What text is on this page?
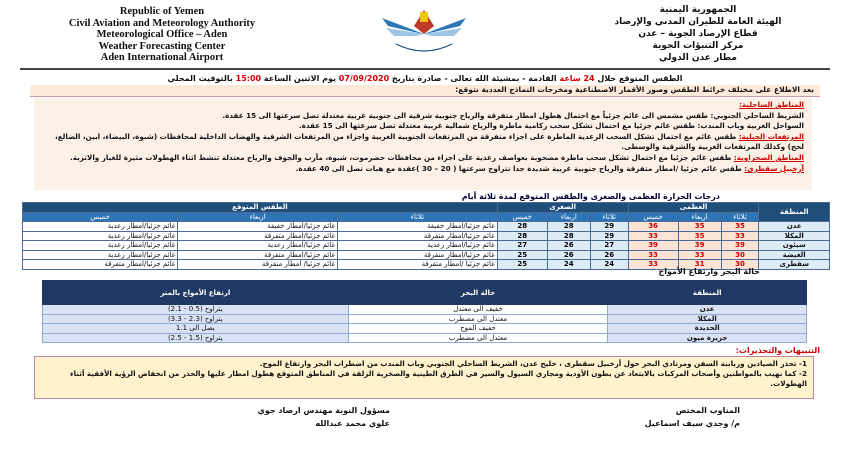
Republic of Yemen
Civil Aviation and Meteorology Authority
Meteorological Office – Aden
Weather Forecasting Center
Aden International Airport
الجمهورية اليمنية
الهيئة العامة للطيران المدني والإرصاد
قطاع الإرصاد الجوية – عدن
مركز التنبؤات الجوية
مطار عدن الدولي
الطقس المتوقع خلال 24 ساعة القادمة - بمشيئة الله تعالى - صادرة بتاريخ 07/09/2020 يوم الاثنين الساعة 15:00 بالتوقيت المحلي
بعد الاطلاع على مختلف خرائط الطقس وصور الأقمار الاصطناعية ومخرجات النماذج العددية نتوقع:
المناطق الساحلية:
الشريط الساحلي الجنوبي: طقس مشمس الى غائم جزئياً مع احتمال هطول امطار متفرقة والرياح جنوبية شرقية الى جنوبية غربية معتدلة تصل سرعتها الى 15 عقدة.
السواحل الغربية وباب المندب: طقس غائم جزئيا مع احتمال تشكل سحب ركامية ماطرة والرياح شمالية غربية معتدلة تصل سرعتها الى 15 عقدة.
المرتفعات الجبلية: طقس غائم مع احتمال تشكل السحب الرعدية الماطرة على اجزاء متفرقة من المرتفعات الجنوبية الغربية واجزاء من المرتفعات الشرقية والهضاب الداخلية لمحافظات (شبوة، البيضاء، ابين، الضالع، لحج) وكذلك المرتفعات الغربية والشرقية والوسطى.
المناطق الصحراوية: طقس غائم جزئيا مع احتمال تشكل سحب ماطرة مصحوبة بعواصف رعدية على اجزاء من محافظات حضرموت، شبوة، مأرب والجوف والرياح معتدلة تنشط اثناء الهطولات مثيرة للغبار والاتربة.
أرخبيل سقطرى: طقس غائم جزئيا /امطار متفرقة والرياح جنوبية غربية شديدة جدا تتراوح سرعتها ( 20 – 30 )عقدة مع هبات تصل الى 40 عقدة.
درجات الحرارة العظمى والصغرى والطقس المتوقع لمدة ثلاثة أيام
المنطقة	العظمى			الصغرى			الطقس المتوقع		
	ثلاثاء	اربعاء	خميس	ثلاثاء	اربعاء	خميس	ثلاثاء	اربعاء	خميس
عدن	35	35	36	29	28	28	غائم جزئيا/امطار خفيفة	غائم جزئيا/امطار خفيفة	غائم جزئيا/امطار رعدية
المكلا	33	35	33	29	28	28	غائم جزئيا/امطار متفرقة	غائم جزئيا/امطار متفرقة	غائم جزئيا/امطار رعدية
سيئون	39	39	39	27	26	27	غائم جزئيا/امطار رعدية	غائم جزئيا/امطار رعدية	غائم جزئيا/امطار رعدية
الغيضة	30	33	33	26	26	25	غائم جزئيا/امطار متفرقة	غائم جزئيا/امطار متفرقة	غائم جزئيا/امطار رعدية
سقطرى	30	31	33	24	24	25	غائم جزئيا /امطار متفرقة	غائم جزئيا/ امطار متفرقة	غائم جزئيا/امطار متفرقة
حالة البحر وارتفاع الأمواج
المنطقة	حالة البحر	ارتفاع الأمواج بالمتر
عدن	خفيف الى معتدل	يتراوح (0.5 - 2.1)
المكلا	معتدل الى مضطرب	يتراوح (2.3 - 3.3)
الحديدة	خفيف الموج	يصل الى 1.1
جزيرة ميون	معتدل الى مضطرب	يتراوح (1.5 - 2.5)
التنبيهات والتحذيرات:
1- تحذر الصيادين وربابنة السفن ومرتادي البحر حول أرخبيل سقطرى ، خليج عدن، الشريط الساحلي الجنوبي وباب المندب من اضطراب البحر وارتفاع الموج.
2- كما نهيب بالمواطنين وأصحاب المركبات بالابتعاد عن بطون الأودية ومجاري السيول والسير في الطرق الطينية والصخرية الزلقة في المناطق المتوقع هطول امطار عليها والحذر من انخفاض الرؤية الأفقية أثناء الهطولات.
مسؤول النوبة مهندس ارصاد جوي
علوي محمد عبدالله
المناوب المختص
م/ وجدي سيف اسماعيل
